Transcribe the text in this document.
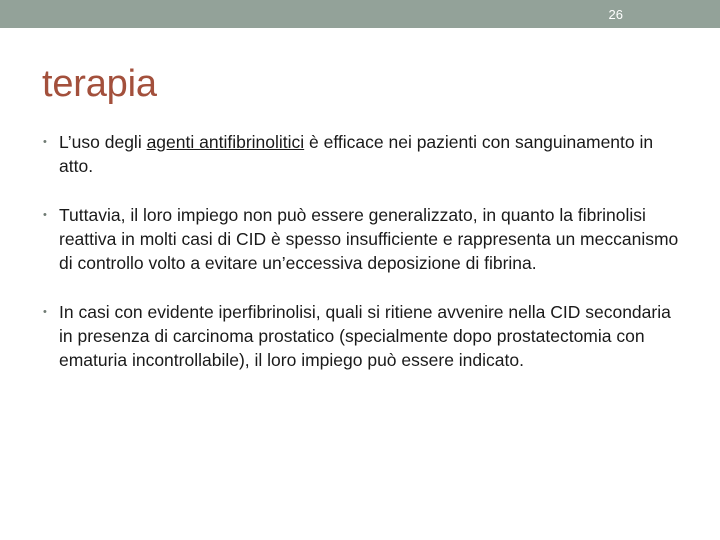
26
terapia
• L’uso degli agenti antifibrinolitici è efficace nei pazienti con sanguinamento in atto.
• Tuttavia, il loro impiego non può essere generalizzato, in quanto la fibrinolisi reattiva in molti casi di CID è spesso insufficiente e rappresenta un meccanismo di controllo volto a evitare un’eccessiva deposizione di fibrina.
• In casi con evidente iperfibrinolisi, quali si ritiene avvenire nella CID secondaria in presenza di carcinoma prostatico (specialmente dopo prostatectomia con ematuria incontrollabile), il loro impiego può essere indicato.
